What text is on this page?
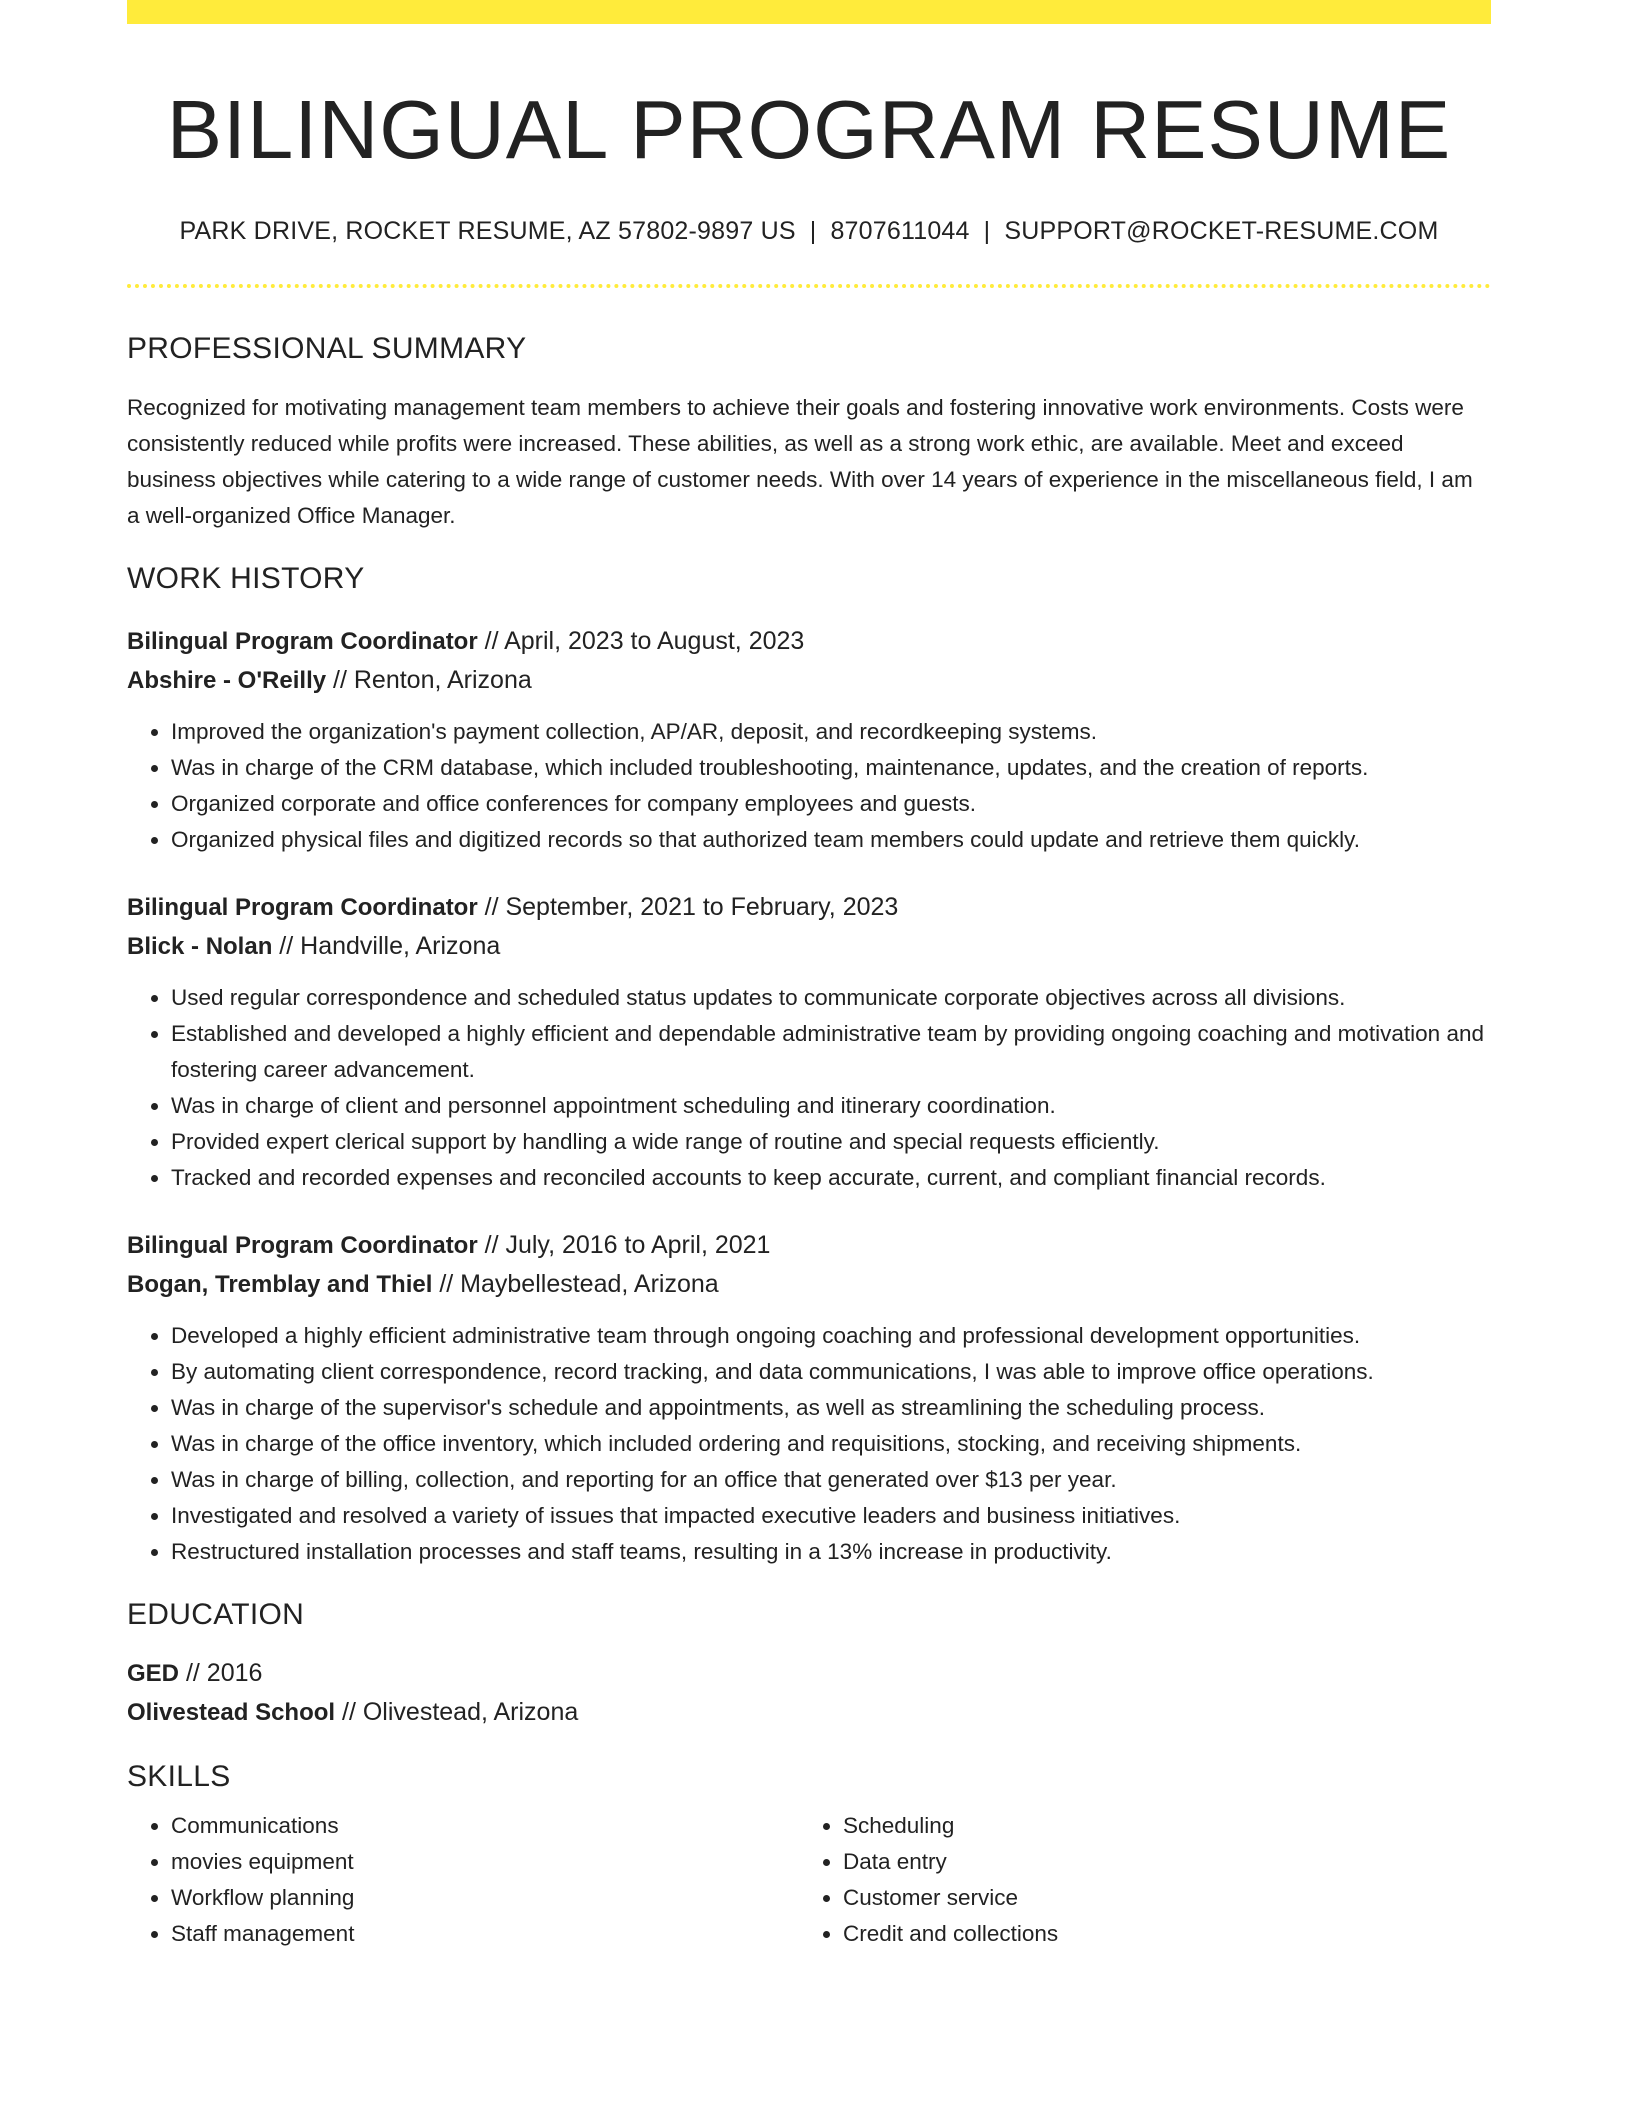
BILINGUAL PROGRAM RESUME
PARK DRIVE, ROCKET RESUME, AZ 57802-9897 US | 8707611044 | SUPPORT@ROCKET-RESUME.COM
PROFESSIONAL SUMMARY
Recognized for motivating management team members to achieve their goals and fostering innovative work environments. Costs were consistently reduced while profits were increased. These abilities, as well as a strong work ethic, are available. Meet and exceed business objectives while catering to a wide range of customer needs. With over 14 years of experience in the miscellaneous field, I am a well-organized Office Manager.
WORK HISTORY
Bilingual Program Coordinator // April, 2023 to August, 2023
Abshire - O'Reilly // Renton, Arizona
• Improved the organization's payment collection, AP/AR, deposit, and recordkeeping systems.
• Was in charge of the CRM database, which included troubleshooting, maintenance, updates, and the creation of reports.
• Organized corporate and office conferences for company employees and guests.
• Organized physical files and digitized records so that authorized team members could update and retrieve them quickly.
Bilingual Program Coordinator // September, 2021 to February, 2023
Blick - Nolan // Handville, Arizona
• Used regular correspondence and scheduled status updates to communicate corporate objectives across all divisions.
• Established and developed a highly efficient and dependable administrative team by providing ongoing coaching and motivation and fostering career advancement.
• Was in charge of client and personnel appointment scheduling and itinerary coordination.
• Provided expert clerical support by handling a wide range of routine and special requests efficiently.
• Tracked and recorded expenses and reconciled accounts to keep accurate, current, and compliant financial records.
Bilingual Program Coordinator // July, 2016 to April, 2021
Bogan, Tremblay and Thiel // Maybellestead, Arizona
• Developed a highly efficient administrative team through ongoing coaching and professional development opportunities.
• By automating client correspondence, record tracking, and data communications, I was able to improve office operations.
• Was in charge of the supervisor's schedule and appointments, as well as streamlining the scheduling process.
• Was in charge of the office inventory, which included ordering and requisitions, stocking, and receiving shipments.
• Was in charge of billing, collection, and reporting for an office that generated over $13 per year.
• Investigated and resolved a variety of issues that impacted executive leaders and business initiatives.
• Restructured installation processes and staff teams, resulting in a 13% increase in productivity.
EDUCATION
GED // 2016
Olivestead School // Olivestead, Arizona
SKILLS
• Communications
• movies equipment
• Workflow planning
• Staff management
• Scheduling
• Data entry
• Customer service
• Credit and collections
